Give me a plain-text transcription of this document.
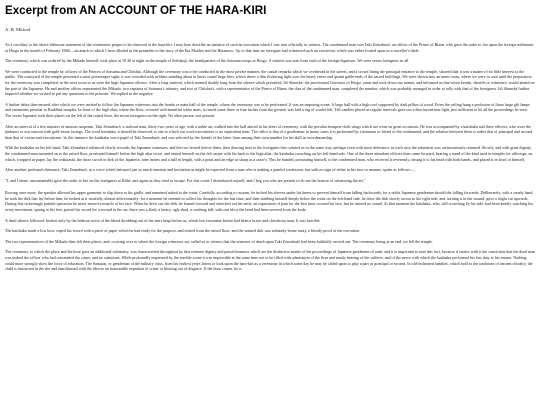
Excerpt from AN ACCOUNT OF THE HARA-KIRI

A. B. Mitford

As a corollary to the above elaborate statement of the ceremonies proper to be observed at the hara-kiri, I may here describe an instance of such an execution which I was sent officially to witness. The condemned man was Taki Zenzaburô, an officer of the Prince of Bizen, who gave the order to fire upon the foreign settlement at Hiogo in the month of February 1868,—an attack to which I have alluded in the preamble to the story of the Eta Maiden and the Hatamoto. Up to that time no foreigner had witnessed such an execution, which was rather looked upon as a traveller's fable.

The ceremony, which was ordered by the Mikado himself, took place at 10.30 at night in the temple of Seifukuji, the headquarters of the Satsuma troops at Hiogo. A witness was sent from each of the foreign legations. We were seven foreigners in all.

We were conducted to the temple by officers of the Princes of Satsuma and Chôshiu. Although the ceremony was to be conducted in the most private manner, the casual remarks which we overheard in the streets, and a crowd lining the principal entrance to the temple, showed that it was a matter of no little interest to the public. The courtyard of the temple presented a most picturesque sight; it was crowded with soldiers standing about in knots round large fires, which threw a dim flickering light over the heavy eaves and quaint gable-ends of the sacred buildings. We were shown into an inner room, where we were to wait until the preparation for the ceremony was completed: in the next room to us were the high Japanese officers. After a long interval, which seemed doubly long from the silence which prevailed, Itô Shunské, the provisional Governor of Hiogo, came and took down our names, and informed us that seven kenshi, sheriffs or witnesses, would attend on the part of the Japanese. He and another officer represented the Mikado; two captains of Satsuma's infantry, and two of Chôshiu's, with a representative of the Prince of Bizen, the clan of the condemned man, completed the number, which was probably arranged in order to tally with that of the foreigners. Itô Shunské further inquired whether we wished to put any questions to the prisoner. We replied in the negative.

A further delay then ensued, after which we were invited to follow the Japanese witnesses into the hondo or main hall of the temple, where the ceremony was to be performed. It was an imposing scene. A large hall with a high roof supported by dark pillars of wood. From the ceiling hung a profusion of those huge gilt lamps and ornaments peculiar to Buddhist temples. In front of the high altar, where the floor, covered with beautiful white mats, is raised some three or four inches from the ground, was laid a rug of scarlet felt. Tall candles placed at regular intervals gave out a dim mysterious light, just sufficient to let all the proceedings be seen. The seven Japanese took their places on the left of the raised floor, the seven foreigners on the right. No other person was present.

After an interval of a few minutes of anxious suspense, Taki Zenzaburô, a stalwart man, thirty-two years of age, with a noble air, walked into the hall attired in his dress of ceremony, with the peculiar hempen-cloth wings which are worn on great occasions. He was accompanied by a kaishaku and three officers, who wore the jimbaori or war surcoat with gold-tissue facings. The word kaishaku, it should be observed, is one to which our word executioner is no equivalent term. The office is that of a gentleman: in many cases it is performed by a kinsman or friend of the condemned, and the relation between them is rather that of principal and second than that of victim and executioner. In this instance the kaishaku was a pupil of Taki Zenzaburô, and was selected by the friends of the latter from among their own number for his skill in swordsmanship.

With the kaishaku on his left hand, Taki Zenzaburô advanced slowly towards the Japanese witnesses, and the two bowed before them, then drawing near to the foreigners they saluted us in the same way, perhaps even with more deference: in each case the salutation was ceremoniously returned. Slowly, and with great dignity, the condemned man mounted on to the raised floor, prostrated himself before the high altar twice, and seated himself on the felt carpet with his back to the high altar, the kaishaku crouching on his left-hand side. One of the three attendant officers then came forward, bearing a stand of the kind used in temples for offerings, on which, wrapped in paper, lay the wakizashi, the short sword or dirk of the Japanese, nine inches and a half in length, with a point and an edge as sharp as a razor's. This he handed, prostrating himself, to the condemned man, who received it reverently, raising it to his head with both hands, and placed it in front of himself.

After another profound obeisance, Taki Zenzaburô, in a voice which betrayed just so much emotion and hesitation as might be expected from a man who is making a painful confession, but with no sign of either in his face or manner, spoke as follows:—

"I, and I alone, unwarrantably gave the order to fire on the foreigners at Kôbé, and again as they tried to escape. For this crime I disembowel myself, and I beg you who are present to do me the honour of witnessing the act."

Bowing once more, the speaker allowed his upper garments to slip down to his girdle, and remained naked to the waist. Carefully, according to custom, he tucked his sleeves under his knees to prevent himself from falling backwards; for a noble Japanese gentleman should die falling forwards. Deliberately, with a steady hand, he took the dirk that lay before him; he looked at it wistfully, almost affectionately; for a moment he seemed to collect his thoughts for the last time, and then stabbing himself deeply below the waist on the left-hand side, he drew the dirk slowly across to the right side, and, turning it in the wound, gave a slight cut upwards. During this sickeningly painful operation he never moved a muscle of his face. When he drew out the dirk, he leaned forward and stretched out his neck; an expression of pain for the first time crossed his face, but he uttered no sound. At that moment the kaishaku, who, still crouching by his side, had been keenly watching his every movement, sprang to his feet, poised his sword for a second in the air; there was a flash, a heavy, ugly thud, a crashing fall; with one blow the head had been severed from the body.

A dead silence followed, broken only by the hideous noise of the blood throbbing out of the inert heap before us, which but a moment before had been a brave and chivalrous man. It was horrible.

The kaishaku made a low bow, wiped his sword with a piece of paper which he had ready for the purpose, and retired from the raised floor; and the stained dirk was solemnly borne away, a bloody proof of the execution.

The two representatives of the Mikado then left their places, and, crossing over to where the foreign witnesses sat, called us to witness that the sentence of death upon Taki Zenzaburô had been faithfully carried out. The ceremony being at an end, we left the temple.

The ceremony, to which the place and the hour gave an additional solemnity, was characterized throughout by that extreme dignity and punctiliousness which are the distinctive marks of the proceedings of Japanese gentlemen of rank; and it is important to note this fact, because it carries with it the conviction that the dead man was indeed the officer who had committed the crime, and no substitute. While profoundly impressed by the terrible scene it was impossible at the same time not to be filled with admiration of the firm and manly bearing of the sufferer, and of the nerve with which the kaishaku performed his last duty to his master. Nothing could more strongly show the force of education. The Samurai, or gentleman of the military class, from his earliest years learns to look upon the hara-kiri as a ceremony in which some day he may be called upon to play a part as principal or second. In old-fashioned families, which hold to the traditions of ancient chivalry, the child is instructed in the rite and familiarized with the idea as an honourable expiation of crime or blotting out of disgrace. If the hour comes, he is
